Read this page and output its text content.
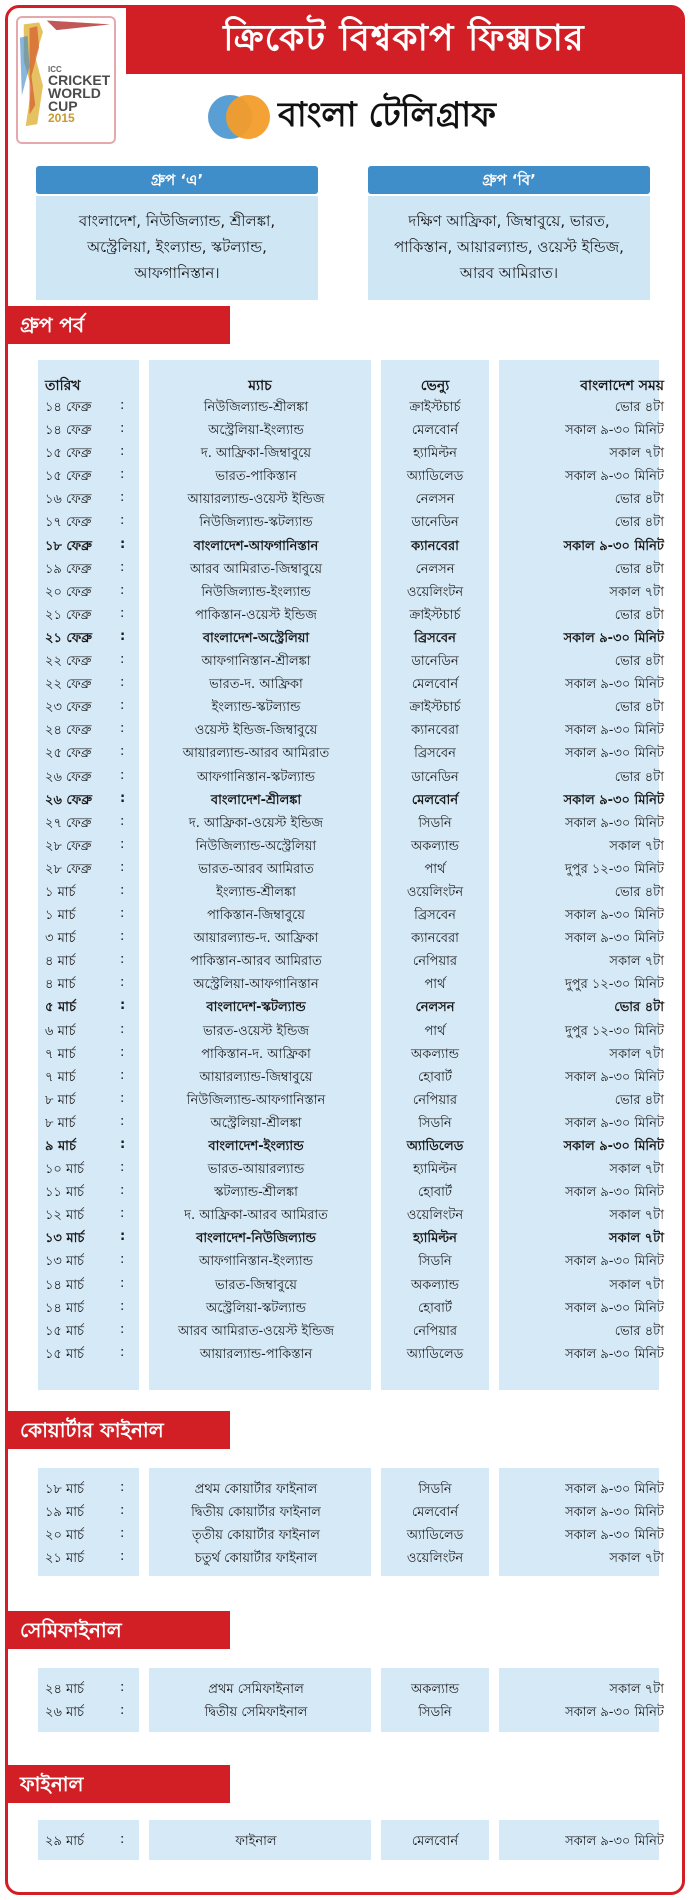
ICC
CRICKET
WORLD
CUP
2015
ক্রিকেট বিশ্বকাপ ফিক্সচার
বাংলা টেলিগ্রাফ
গ্রুপ ‘এ’
বাংলাদেশ, নিউজিল্যান্ড, শ্রীলঙ্কা,
অস্ট্রেলিয়া, ইংল্যান্ড, স্কটল্যান্ড,
আফগানিস্তান।
গ্রুপ ‘বি’
দক্ষিণ আফ্রিকা, জিম্বাবুয়ে, ভারত,
পাকিস্তান, আয়ারল্যান্ড, ওয়েস্ট ইন্ডিজ,
আরব আমিরাত।
গ্রুপ পর্ব
তারিখ	ম্যাচ	ভেন্যু	বাংলাদেশ সময়
১৪ ফেব্রু	:	নিউজিল্যান্ড-শ্রীলঙ্কা	ক্রাইস্টচার্চ	ভোর ৪টা
১৪ ফেব্রু	:	অস্ট্রেলিয়া-ইংল্যান্ড	মেলবোর্ন	সকাল ৯-৩০ মিনিট
১৫ ফেব্রু	:	দ. আফ্রিকা-জিম্বাবুয়ে	হ্যামিল্টন	সকাল ৭টা
১৫ ফেব্রু	:	ভারত-পাকিস্তান	অ্যাডিলেড	সকাল ৯-৩০ মিনিট
১৬ ফেব্রু	:	আয়ারল্যান্ড-ওয়েস্ট ইন্ডিজ	নেলসন	ভোর ৪টা
১৭ ফেব্রু	:	নিউজিল্যান্ড-স্কটল্যান্ড	ডানেডিন	ভোর ৪টা
১৮ ফেব্রু	:	বাংলাদেশ-আফগানিস্তান	ক্যানবেরা	সকাল ৯-৩০ মিনিট
১৯ ফেব্রু	:	আরব আমিরাত-জিম্বাবুয়ে	নেলসন	ভোর ৪টা
২০ ফেব্রু	:	নিউজিল্যান্ড-ইংল্যান্ড	ওয়েলিংটন	সকাল ৭টা
২১ ফেব্রু	:	পাকিস্তান-ওয়েস্ট ইন্ডিজ	ক্রাইস্টচার্চ	ভোর ৪টা
২১ ফেব্রু	:	বাংলাদেশ-অস্ট্রেলিয়া	ব্রিসবেন	সকাল ৯-৩০ মিনিট
২২ ফেব্রু	:	আফগানিস্তান-শ্রীলঙ্কা	ডানেডিন	ভোর ৪টা
২২ ফেব্রু	:	ভারত-দ. আফ্রিকা	মেলবোর্ন	সকাল ৯-৩০ মিনিট
২৩ ফেব্রু	:	ইংল্যান্ড-স্কটল্যান্ড	ক্রাইস্টচার্চ	ভোর ৪টা
২৪ ফেব্রু	:	ওয়েস্ট ইন্ডিজ-জিম্বাবুয়ে	ক্যানবেরা	সকাল ৯-৩০ মিনিট
২৫ ফেব্রু	:	আয়ারল্যান্ড-আরব আমিরাত	ব্রিসবেন	সকাল ৯-৩০ মিনিট
২৬ ফেব্রু	:	আফগানিস্তান-স্কটল্যান্ড	ডানেডিন	ভোর ৪টা
২৬ ফেব্রু	:	বাংলাদেশ-শ্রীলঙ্কা	মেলবোর্ন	সকাল ৯-৩০ মিনিট
২৭ ফেব্রু	:	দ. আফ্রিকা-ওয়েস্ট ইন্ডিজ	সিডনি	সকাল ৯-৩০ মিনিট
২৮ ফেব্রু	:	নিউজিল্যান্ড-অস্ট্রেলিয়া	অকল্যান্ড	সকাল ৭টা
২৮ ফেব্রু	:	ভারত-আরব আমিরাত	পার্থ	দুপুর ১২-৩০ মিনিট
১ মার্চ	:	ইংল্যান্ড-শ্রীলঙ্কা	ওয়েলিংটন	ভোর ৪টা
১ মার্চ	:	পাকিস্তান-জিম্বাবুয়ে	ব্রিসবেন	সকাল ৯-৩০ মিনিট
৩ মার্চ	:	আয়ারল্যান্ড-দ. আফ্রিকা	ক্যানবেরা	সকাল ৯-৩০ মিনিট
৪ মার্চ	:	পাকিস্তান-আরব আমিরাত	নেপিয়ার	সকাল ৭টা
৪ মার্চ	:	অস্ট্রেলিয়া-আফগানিস্তান	পার্থ	দুপুর ১২-৩০ মিনিট
৫ মার্চ	:	বাংলাদেশ-স্কটল্যান্ড	নেলসন	ভোর ৪টা
৬ মার্চ	:	ভারত-ওয়েস্ট ইন্ডিজ	পার্থ	দুপুর ১২-৩০ মিনিট
৭ মার্চ	:	পাকিস্তান-দ. আফ্রিকা	অকল্যান্ড	সকাল ৭টা
৭ মার্চ	:	আয়ারল্যান্ড-জিম্বাবুয়ে	হোবার্ট	সকাল ৯-৩০ মিনিট
৮ মার্চ	:	নিউজিল্যান্ড-আফগানিস্তান	নেপিয়ার	ভোর ৪টা
৮ মার্চ	:	অস্ট্রেলিয়া-শ্রীলঙ্কা	সিডনি	সকাল ৯-৩০ মিনিট
৯ মার্চ	:	বাংলাদেশ-ইংল্যান্ড	অ্যাডিলেড	সকাল ৯-৩০ মিনিট
১০ মার্চ	:	ভারত-আয়ারল্যান্ড	হ্যামিল্টন	সকাল ৭টা
১১ মার্চ	:	স্কটল্যান্ড-শ্রীলঙ্কা	হোবার্ট	সকাল ৯-৩০ মিনিট
১২ মার্চ	:	দ. আফ্রিকা-আরব আমিরাত	ওয়েলিংটন	সকাল ৭টা
১৩ মার্চ	:	বাংলাদেশ-নিউজিল্যান্ড	হ্যামিল্টন	সকাল ৭টা
১৩ মার্চ	:	আফগানিস্তান-ইংল্যান্ড	সিডনি	সকাল ৯-৩০ মিনিট
১৪ মার্চ	:	ভারত-জিম্বাবুয়ে	অকল্যান্ড	সকাল ৭টা
১৪ মার্চ	:	অস্ট্রেলিয়া-স্কটল্যান্ড	হোবার্ট	সকাল ৯-৩০ মিনিট
১৫ মার্চ	:	আরব আমিরাত-ওয়েস্ট ইন্ডিজ	নেপিয়ার	ভোর ৪টা
১৫ মার্চ	:	আয়ারল্যান্ড-পাকিস্তান	অ্যাডিলেড	সকাল ৯-৩০ মিনিট
কোয়ার্টার ফাইনাল
১৮ মার্চ	:	প্রথম কোয়ার্টার ফাইনাল	সিডনি	সকাল ৯-৩০ মিনিট
১৯ মার্চ	:	দ্বিতীয় কোয়ার্টার ফাইনাল	মেলবোর্ন	সকাল ৯-৩০ মিনিট
২০ মার্চ	:	তৃতীয় কোয়ার্টার ফাইনাল	অ্যাডিলেড	সকাল ৯-৩০ মিনিট
২১ মার্চ	:	চতুর্থ কোয়ার্টার ফাইনাল	ওয়েলিংটন	সকাল ৭টা
সেমিফাইনাল
২৪ মার্চ	:	প্রথম সেমিফাইনাল	অকল্যান্ড	সকাল ৭টা
২৬ মার্চ	:	দ্বিতীয় সেমিফাইনাল	সিডনি	সকাল ৯-৩০ মিনিট
ফাইনাল
২৯ মার্চ	:	ফাইনাল	মেলবোর্ন	সকাল ৯-৩০ মিনিট
